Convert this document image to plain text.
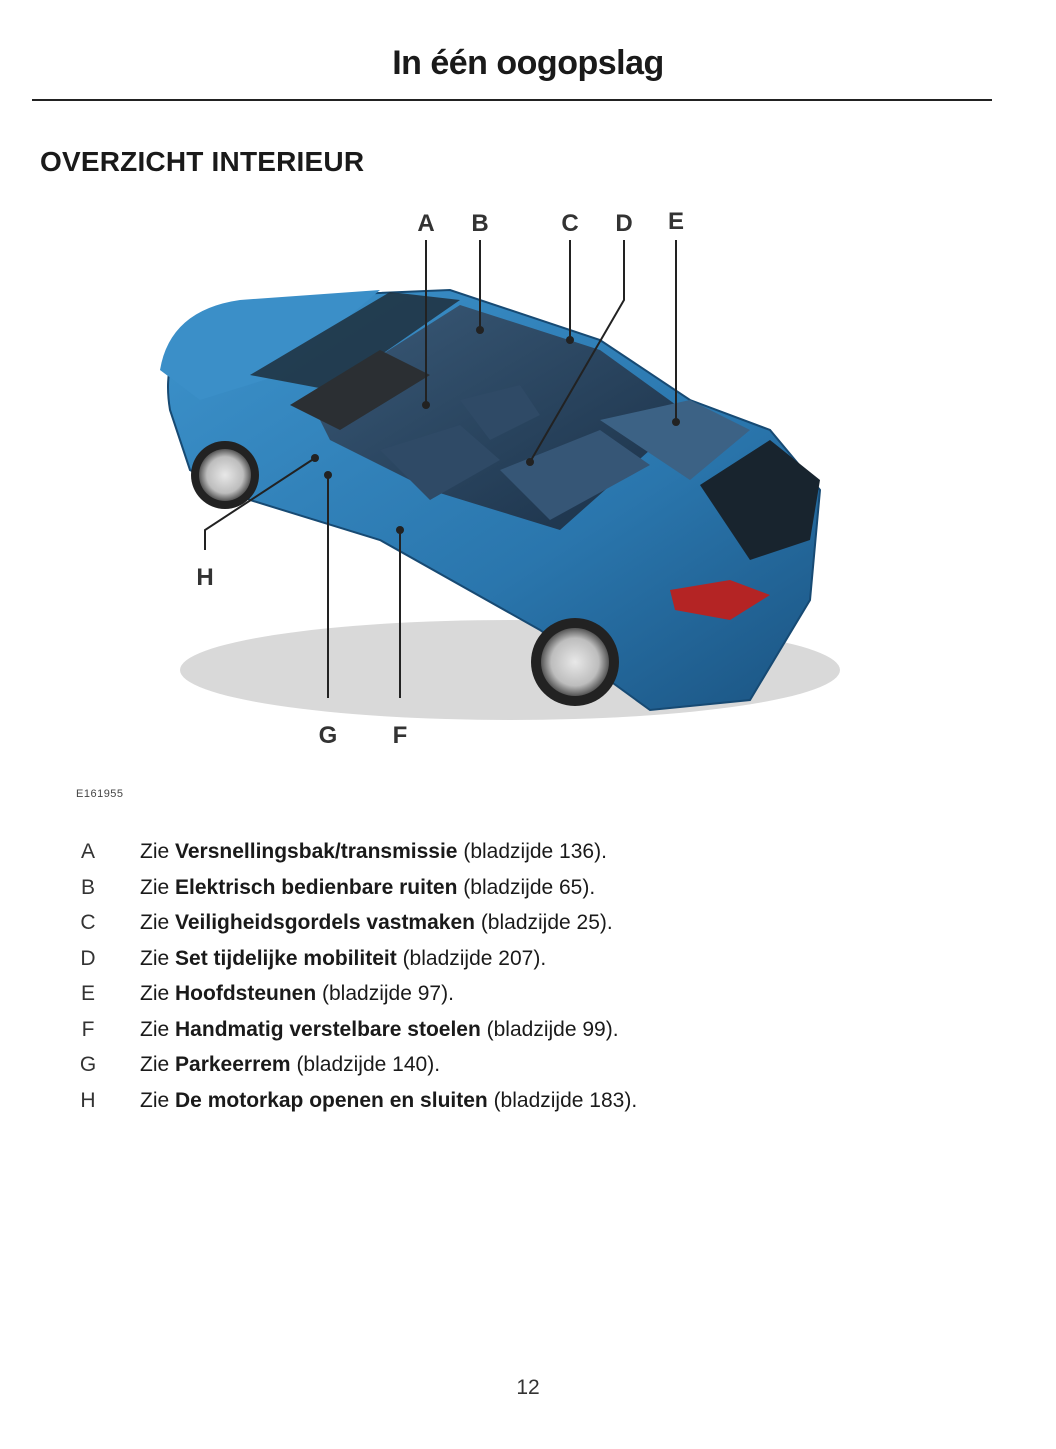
In één oogopslag
OVERZICHT INTERIEUR
A B	C D E
F
G
H
E161955
A Zie Versnellingsbak/transmissie (bladzijde 136).
B Zie Elektrisch bedienbare ruiten (bladzijde 65).
C Zie Veiligheidsgordels vastmaken (bladzijde 25).
D Zie Set tijdelijke mobiliteit (bladzijde 207).
E Zie Hoofdsteunen (bladzijde 97).
F Zie Handmatig verstelbare stoelen (bladzijde 99).
G Zie Parkeerrem (bladzijde 140).
H Zie De motorkap openen en sluiten (bladzijde 183).
12
